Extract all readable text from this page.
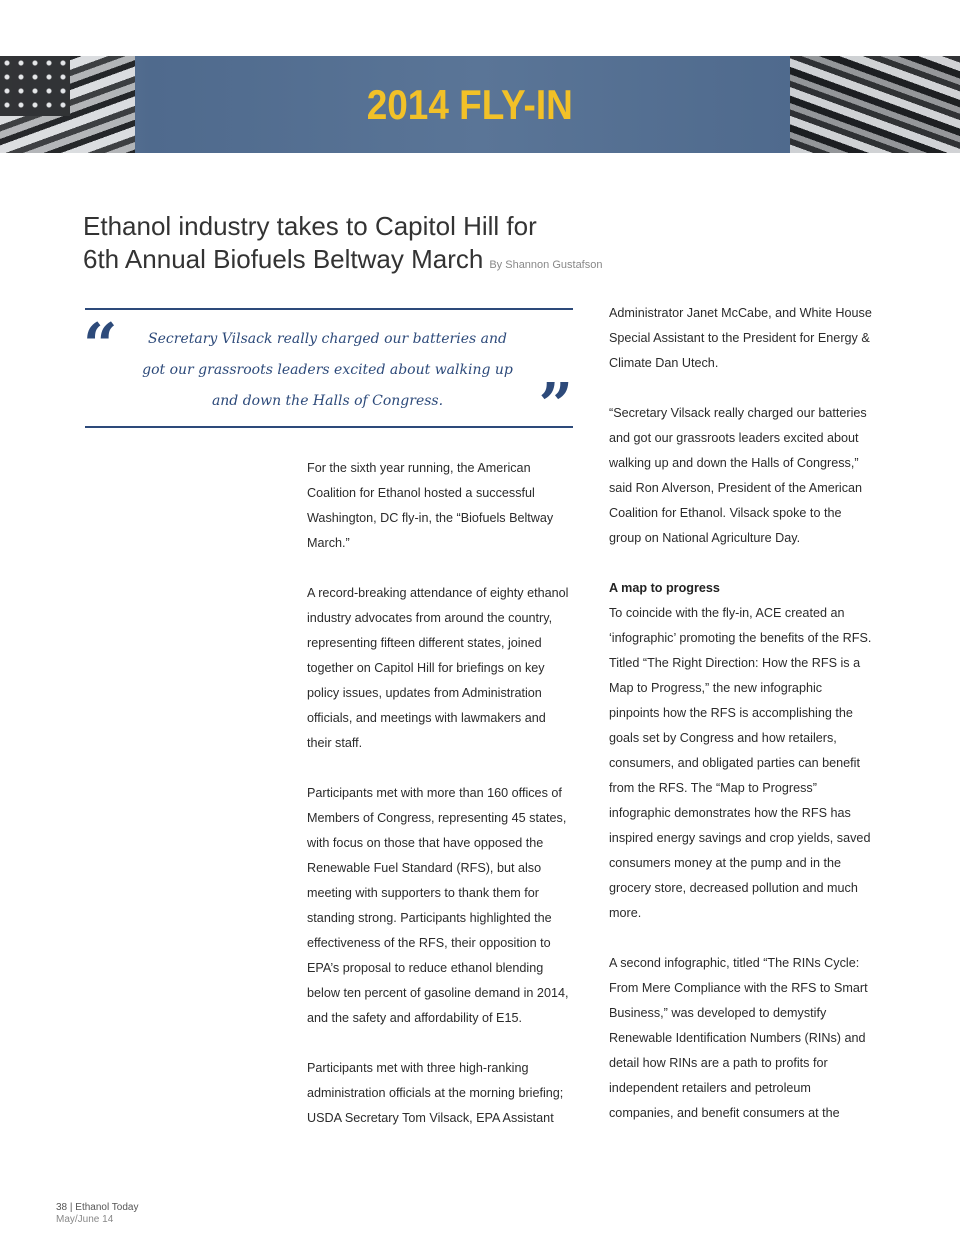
2014 FLY-IN
Ethanol industry takes to Capitol Hill for
6th Annual Biofuels Beltway March By Shannon Gustafson
“	Secretary Vilsack really charged our batteries and got our grassroots leaders excited about walking up and down the Halls of Congress.	”

For the sixth year running, the American Coalition for Ethanol hosted a successful Washington, DC fly-in, the “Biofuels Beltway March.”

A record-breaking attendance of eighty ethanol industry advocates from around the country, representing fifteen different states, joined together on Capitol Hill for briefings on key policy issues, updates from Administration officials, and meetings with lawmakers and their staff.

Participants met with more than 160 offices of Members of Congress, representing 45 states, with focus on those that have opposed the Renewable Fuel Standard (RFS), but also meeting with supporters to thank them for standing strong. Participants highlighted the effectiveness of the RFS, their opposition to EPA’s proposal to reduce ethanol blending below ten percent of gasoline demand in 2014, and the safety and affordability of E15.

Participants met with three high-ranking administration officials at the morning briefing; USDA Secretary Tom Vilsack, EPA Assistant

Administrator Janet McCabe, and White House Special Assistant to the President for Energy & Climate Dan Utech.

“Secretary Vilsack really charged our batteries and got our grassroots leaders excited about walking up and down the Halls of Congress,” said Ron Alverson, President of the American Coalition for Ethanol. Vilsack spoke to the group on National Agriculture Day.

A map to progress

To coincide with the fly-in, ACE created an ‘infographic’ promoting the benefits of the RFS. Titled “The Right Direction: How the RFS is a Map to Progress,” the new infographic pinpoints how the RFS is accomplishing the goals set by Congress and how retailers, consumers, and obligated parties can benefit from the RFS. The “Map to Progress” infographic demonstrates how the RFS has inspired energy savings and crop yields, saved consumers money at the pump and in the grocery store, decreased pollution and much more.

A second infographic, titled “The RINs Cycle: From Mere Compliance with the RFS to Smart Business,” was developed to demystify Renewable Identification Numbers (RINs) and detail how RINs are a path to profits for independent retailers and petroleum companies, and benefit consumers at the

38 | Ethanol Today
May/June 14
